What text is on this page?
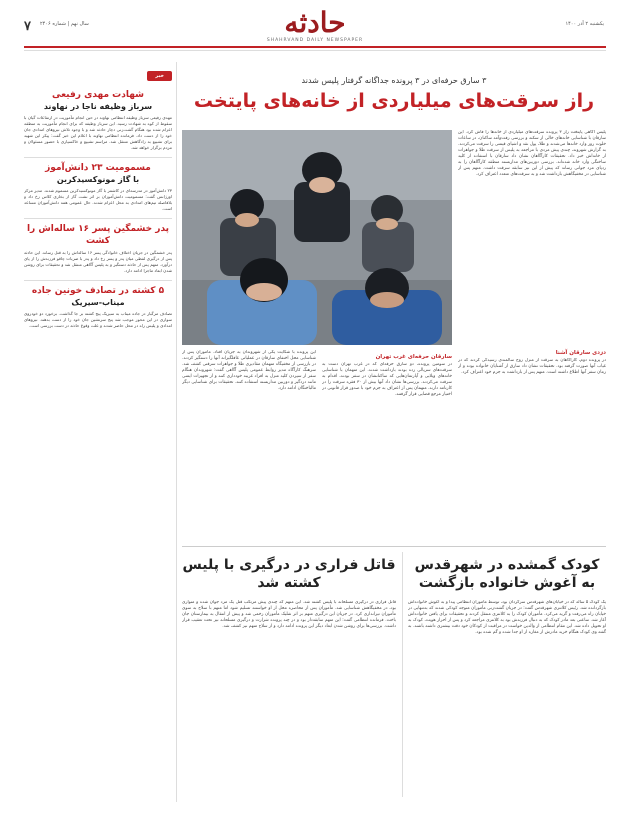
۷ سال نهم | شماره ۲۴۰۶	یکشنبه ۲ آذر ۱۴۰۰
حادثه
SHAHRVAND DAILY NEWSPAPER
خبر
شهادت مهدی رفیعی
سرباز وظیفه ناجا در نهاوند
مهدی رفیعی سرباز وظیفه انتظامی نهاوند در حین انجام مأموریت در ارتفاعات گیان با سقوط از کوه به شهادت رسید. این سرباز وظیفه که برای انجام مأموریت به منطقه اعزام شده بود هنگام گشت‌زنی دچار حادثه شد و با وجود تلاش نیروهای امدادی جان خود را از دست داد. فرمانده انتظامی نهاوند با اعلام این خبر گفت: پیکر این شهید برای تشییع به زادگاهش منتقل شد. مراسم تشییع و خاکسپاری با حضور مسئولان و مردم برگزار خواهد شد.
مسمومیت ۲۳ دانش‌آموز
با گاز مونوکسیدکربن
۲۳ دانش‌آموز در مدرسه‌ای در کاشمر با گاز مونوکسیدکربن مسموم شدند. مدیر مرکز اورژانس گفت: مسمومیت دانش‌آموزان بر اثر نشت گاز از بخاری کلاس رخ داد و بلافاصله تیم‌های امدادی به محل اعزام شدند. حال عمومی همه دانش‌آموزان مساعد است.
پدر خشمگین پسر ۱۶ ساله‌اش را کشت
پدر خشمگین در جریان اختلاف خانوادگی پسر ۱۶ ساله‌اش را به قتل رساند. این حادثه پس از درگیری لفظی میان پدر و پسر رخ داد و پدر با ضربات چاقو فرزندش را از پای درآورد. متهم پس از حادثه دستگیر و به پلیس آگاهی منتقل شد و تحقیقات برای روشن شدن ابعاد ماجرا ادامه دارد.
۵ کشته در تصادف خونین جاده
میناب-سیریک
تصادف مرگبار در جاده میناب به سیریک پنج کشته بر جا گذاشت. برخورد دو خودروی سواری در این محور موجب شد پنج سرنشین جان خود را از دست بدهند. نیروهای امدادی و پلیس راه در محل حاضر شدند و علت وقوع حادثه در دست بررسی است.
۳ سارق حرفه‌ای در ۳ پرونده جداگانه گرفتار پلیس شدند
راز سرقت‌های میلیاردی از خانه‌های پایتخت
پلیس آگاهی پایتخت راز ۳ پرونده سرقت‌های میلیاردی از خانه‌ها را فاش کرد. این سارقان با شناسایی خانه‌های خالی از سکنه و بررسی رفت‌وآمد ساکنان، در ساعات خلوت روز وارد خانه‌ها می‌شدند و طلا، پول نقد و اشیای قیمتی را سرقت می‌کردند. به گزارش شهروند، چندی پیش مردی با مراجعه به پلیس از سرقت طلا و جواهرات از خانه‌اش خبر داد. تحقیقات کارآگاهان نشان داد سارقان با استفاده از کلید ساختگی وارد خانه شده‌اند. بررسی دوربین‌های مداربسته منطقه کارآگاهان را به ردپای مرد جوانی رساند که پیش از این نیز سابقه سرقت داشت. متهم پس از شناسایی در مخفیگاهش بازداشت شد و به سرقت‌های متعدد اعتراف کرد.
دزدی سارقان آشنا
در پرونده دوم، کارآگاهان به سرقت از منزل زوج سالمندی رسیدگی کردند که در غیاب آنها صورت گرفته بود. تحقیقات نشان داد سارق از آشنایان خانواده بوده و از زمان سفر آنها اطلاع داشته است. متهم پس از بازداشت به جرم خود اعتراف کرد.
سارقان حرفه‌ای غرب تهران
در سومین پرونده، دو سارق حرفه‌ای که در غرب تهران دست به سرقت‌های سریالی زده بودند بازداشت شدند. این متهمان با شناسایی خانه‌های ویلایی و آپارتمان‌هایی که ساکنانشان در سفر بودند، اقدام به سرقت می‌کردند. بررسی‌ها نشان داد آنها بیش از ۳۰ فقره سرقت را در کارنامه دارند. متهمان پس از اعتراف به جرم خود با صدور قرار قانونی در اختیار مرجع قضایی قرار گرفتند.
این پرونده با شکایت یکی از شهروندان به جریان افتاد. مأموران پس از شناسایی محل اختفای سارقان در عملیاتی غافلگیرانه آنها را دستگیر کردند. در بازرسی از مخفیگاه متهمان مقادیری طلا و جواهرات سرقتی کشف شد. سرهنگ کارآگاه مدیر روابط عمومی پلیس آگاهی گفت: شهروندان هنگام سفر از سپردن کلید منزل به افراد غریبه خودداری کنند و از تجهیزات ایمنی مانند دزدگیر و دوربین مداربسته استفاده کنند. تحقیقات برای شناسایی دیگر مالباختگان ادامه دارد.
کودک گمشده در شهرقدس به آغوش خانواده بازگشت
یک کودک ۵ ساله که در خیابان‌های شهرقدس سرگردان بود، توسط مأموران انتظامی پیدا و به آغوش خانواده‌اش بازگردانده شد. رئیس کلانتری شهرقدس گفت: در جریان گشت‌زنی مأموران متوجه کودکی شدند که به‌تنهایی در خیابان راه می‌رفت و گریه می‌کرد. مأموران کودک را به کلانتری منتقل کردند و تحقیقات برای یافتن خانواده‌اش آغاز شد. ساعتی بعد مادر کودک که به دنبال فرزندش بود به کلانتری مراجعه کرد و پس از احراز هویت، کودک به او تحویل داده شد. این مقام انتظامی از والدین خواست در مراقبت از کودکان خود دقت بیشتری داشته باشند. به گفته وی کودک هنگام خرید مادرش از مغازه از او جدا شده و گم شده بود.
قاتل فراری در درگیری با پلیس کشته شد
قاتل فراری در درگیری مسلحانه با پلیس کشته شد. این متهم که چندی پیش مرتکب قتل یک مرد جوان شده و متواری بود، در مخفیگاهش شناسایی شد. مأموران پس از محاصره محل از او خواستند تسلیم شود اما متهم با سلاح به سوی مأموران تیراندازی کرد. در جریان این درگیری متهم بر اثر شلیک مأموران زخمی شد و پیش از انتقال به بیمارستان جان باخت. فرمانده انتظامی گفت: این متهم سابقه‌دار بود و در چند پرونده شرارت و درگیری مسلحانه نیز تحت تعقیب قرار داشت. بررسی‌ها برای روشن شدن ابعاد دیگر این پرونده ادامه دارد و از سلاح متهم نیز کشف شد.
